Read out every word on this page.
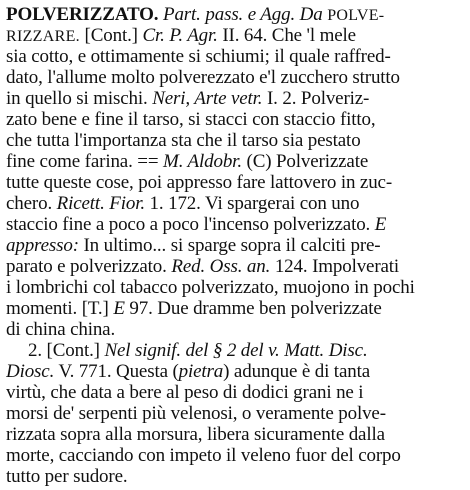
POLVERIZZATO. Part. pass. e Agg. Da POLVE-
RIZZARE. [Cont.] Cr. P. Agr. II. 64. Che 'l mele
sia cotto, e ottimamente si schiumi; il quale raffred-
dato, l'allume molto polverezzato e'l zucchero strutto
in quello si mischi. Neri, Arte vetr. I. 2. Polveriz-
zato bene e fine il tarso, si stacci con staccio fitto,
che tutta l'importanza sta che il tarso sia pestato
fine come farina. == M. Aldobr. (C) Polverizzate
tutte queste cose, poi appresso fare lattovero in zuc-
chero. Ricett. Fior. 1. 172. Vi spargerai con uno
staccio fine a poco a poco l'incenso polverizzato. E
appresso: In ultimo... si sparge sopra il calciti pre-
parato e polverizzato. Red. Oss. an. 124. Impolverati
i lombrichi col tabacco polverizzato, muojono in pochi
momenti. [T.] E 97. Due dramme ben polverizzate
di china china.
2. [Cont.] Nel signif. del § 2 del v. Matt. Disc.
Diosc. V. 771. Questa (pietra) adunque è di tanta
virtù, che data a bere al peso di dodici grani ne i
morsi de' serpenti più velenosi, o veramente polve-
rizzata sopra alla morsura, libera sicuramente dalla
morte, cacciando con impeto il veleno fuor del corpo
tutto per sudore.
